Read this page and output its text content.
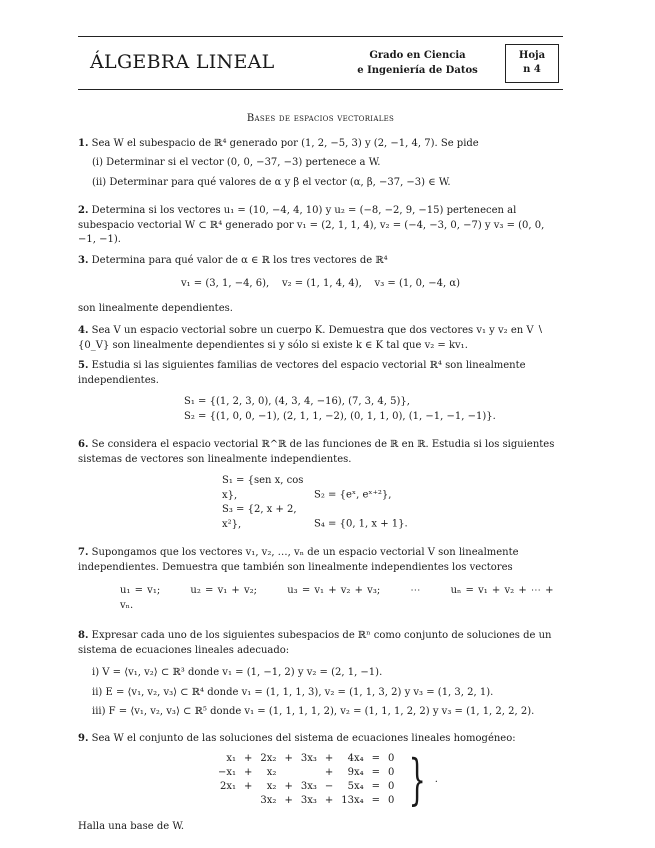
ÁLGEBRA LINEAL	Grado en Ciencia
e Ingeniería de Datos
Hoja
n 4
Bases de espacios vectoriales
1. Sea W el subespacio de ℝ⁴ generado por (1, 2, −5, 3) y (2, −1, 4, 7). Se pide
(i) Determinar si el vector (0, 0, −37, −3) pertenece a W.
(ii) Determinar para qué valores de α y β el vector (α, β, −37, −3) ∈ W.
2. Determina si los vectores u₁ = (10, −4, 4, 10) y u₂ = (−8, −2, 9, −15) pertenecen al subespacio vectorial W ⊂ ℝ⁴ generado por v₁ = (2, 1, 1, 4), v₂ = (−4, −3, 0, −7) y v₃ = (0, 0, −1, −1).
3. Determina para qué valor de α ∈ ℝ los tres vectores de ℝ⁴
v₁ = (3, 1, −4, 6),    v₂ = (1, 1, 4, 4),    v₃ = (1, 0, −4, α)
son linealmente dependientes.
4. Sea V un espacio vectorial sobre un cuerpo K. Demuestra que dos vectores v₁ y v₂ en V ∖ {0_V} son linealmente dependientes si y sólo si existe k ∈ K tal que v₂ = kv₁.
5. Estudia si las siguientes familias de vectores del espacio vectorial ℝ⁴ son linealmente independientes.
S₁ = {(1, 2, 3, 0), (4, 3, 4, −16), (7, 3, 4, 5)},
S₂ = {(1, 0, 0, −1), (2, 1, 1, −2), (0, 1, 1, 0), (1, −1, −1, −1)}.
6. Se considera el espacio vectorial ℝ^ℝ de las funciones de ℝ en ℝ. Estudia si los siguientes sistemas de vectores son linealmente independientes.
S₁ = {sen x, cos x},	S₂ = {eˣ, eˣ⁺²},
S₃ = {2, x + 2, x²},	S₄ = {0, 1, x + 1}.
7. Supongamos que los vectores v₁, v₂, …, vₙ de un espacio vectorial V son linealmente independientes. Demuestra que también son linealmente independientes los vectores
u₁ = v₁;	u₂ = v₁ + v₂;	u₃ = v₁ + v₂ + v₃;	⋯	uₙ = v₁ + v₂ + ⋯ + vₙ.
8. Expresar cada uno de los siguientes subespacios de ℝⁿ como conjunto de soluciones de un sistema de ecuaciones lineales adecuado:
i) V = ⟨v₁, v₂⟩ ⊂ ℝ³ donde v₁ = (1, −1, 2) y v₂ = (2, 1, −1).
ii) E = ⟨v₁, v₂, v₃⟩ ⊂ ℝ⁴ donde v₁ = (1, 1, 1, 3), v₂ = (1, 1, 3, 2) y v₃ = (1, 3, 2, 1).
iii) F = ⟨v₁, v₂, v₃⟩ ⊂ ℝ⁵ donde v₁ = (1, 1, 1, 1, 2), v₂ = (1, 1, 1, 2, 2) y v₃ = (1, 1, 2, 2, 2).
9. Sea W el conjunto de las soluciones del sistema de ecuaciones lineales homogéneo:
x₁	+	2x₂	+	3x₃	+	4x₄	=	0
−x₁	+	x₂			+	9x₄	=	0
2x₁	+	x₂	+	3x₃	−	5x₄	=	0
		3x₂	+	3x₃	+	13x₄	=	0 } .
Halla una base de W.
